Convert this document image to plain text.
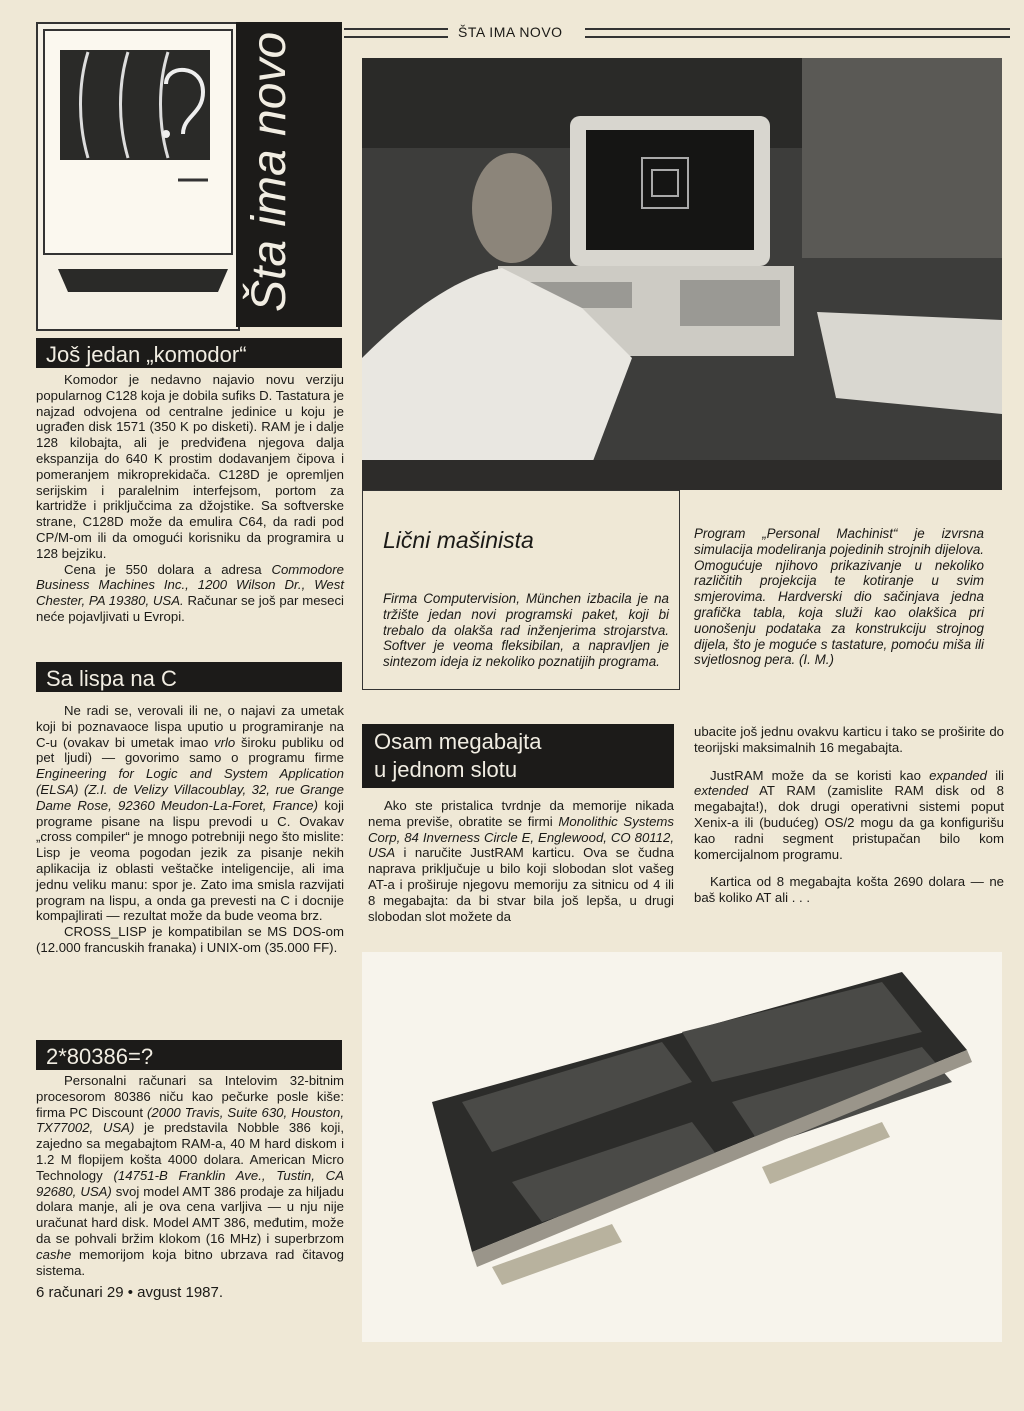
ŠTA IMA NOVO
Šta ima novo
Još jedan „komodor“

Komodor je nedavno najavio novu verziju popularnog C128 koja je dobila sufiks D. Tastatura je najzad odvojena od centralne jedinice u koju je ugrađen disk 1571 (350 K po disketi). RAM je i dalje 128 kilobajta, ali je predviđena njegova dalja ekspanzija do 640 K prostim dodavanjem čipova i pomeranjem mikroprekidača. C128D je opremljen serijskim i paralelnim interfejsom, portom za kartridže i priključcima za džojstike. Sa softverske strane, C128D može da emulira C64, da radi pod CP/M-om ili da omogući korisniku da programira u 128 bejziku.

Cena je 550 dolara a adresa Commodore Business Machines Inc., 1200 Wilson Dr., West Chester, PA 19380, USA. Računar se još par meseci neće pojavljivati u Evropi.

Sa lispa na C

Ne radi se, verovali ili ne, o najavi za umetak koji bi poznavaoce lispa uputio u programiranje na C-u (ovakav bi umetak imao vrlo široku publiku od pet ljudi) — govorimo samo o programu firme Engineering for Logic and System Application (ELSA) (Z.I. de Velizy Villacoublay, 32, rue Grange Dame Rose, 92360 Meudon-La-Foret, France) koji programe pisane na lispu prevodi u C. Ovakav „cross compiler“ je mnogo potrebniji nego što mislite: Lisp je veoma pogodan jezik za pisanje nekih aplikacija iz oblasti veštačke inteligencije, ali ima jednu veliku manu: spor je. Zato ima smisla razvijati program na lispu, a onda ga prevesti na C i docnije kompajlirati — rezultat može da bude veoma brz.

CROSS_LISP je kompatibilan se MS DOS-om (12.000 francuskih franaka) i UNIX-om (35.000 FF).

2*80386=?

Personalni računari sa Intelovim 32-bitnim procesorom 80386 niču kao pečurke posle kiše: firma PC Discount (2000 Travis, Suite 630, Houston, TX77002, USA) je predstavila Nobble 386 koji, zajedno sa megabajtom RAM-a, 40 M hard diskom i 1.2 M flopijem košta 4000 dolara. American Micro Technology (14751-B Franklin Ave., Tustin, CA 92680, USA) svoj model AMT 386 prodaje za hiljadu dolara manje, ali je ova cena varljiva — u nju nije uračunat hard disk. Model AMT 386, međutim, može da se pohvali bržim klokom (16 MHz) i superbrzom cashe memorijom koja bitno ubrzava rad čitavog sistema.

6 računari 29 • avgust 1987.
Lični mašinista
Firma Computervision, München izbacila je na tržište jedan novi programski paket, koji bi trebalo da olakša rad inženjerima strojarstva. Softver je veoma fleksibilan, a napravljen je sintezom ideja iz nekoliko poznatijih programa.
Program „Personal Machinist“ je izvrsna simulacija modeliranja pojedinih strojnih dijelova. Omogućuje njihovo prikazivanje u nekoliko različitih projekcija te kotiranje u svim smjerovima. Hardverski dio sačinjava jedna grafička tabla, koja služi kao olakšica pri uonošenju podataka za konstrukciju strojnog dijela, što je moguće s tastature, pomoću miša ili svjetlosnog pera. (I. M.)
Osam megabajta
u jednom slotu

Ako ste pristalica tvrdnje da memorije nikada nema previše, obratite se firmi Monolithic Systems Corp, 84 Inverness Circle E, Englewood, CO 80112, USA i naručite JustRAM karticu. Ova se čudna naprava priključuje u bilo koji slobodan slot vašeg AT-a i proširuje njegovu memoriju za sitnicu od 4 ili 8 megabajta: da bi stvar bila još lepša, u drugi slobodan slot možete da

ubacite još jednu ovakvu karticu i tako se proširite do teorijski maksimalnih 16 megabajta.

JustRAM može da se koristi kao expanded ili extended AT RAM (zamislite RAM disk od 8 megabajta!), dok drugi operativni sistemi poput Xenix-a ili (budućeg) OS/2 mogu da ga konfigurišu kao radni segment pristupačan bilo kom komercijalnom programu.

Kartica od 8 megabajta košta 2690 dolara — ne baš koliko AT ali . . .
